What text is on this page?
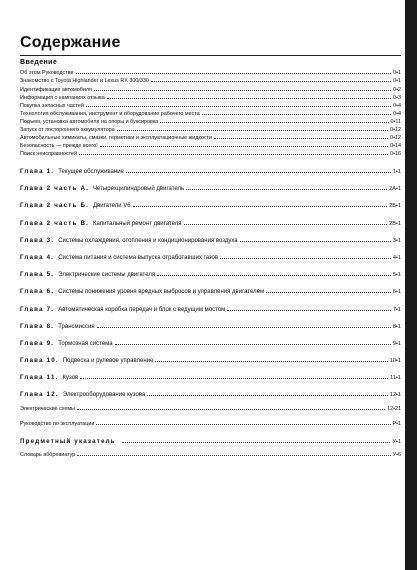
Содержание
Введение
Об этом Руководстве	0•1
Знакомство с Toyota Highlander и Lexus RX 300/330	0•1
Идентификация автомобиля	0•2
Информация о кампаниях отзыва	0•3
Покупка запасных частей	0•4
Технология обслуживания, инструмент и оборудование рабочего места	0•4
Подъем, установка автомобиля на опоры и буксировка	0•11
Запуск от постороннего аккумулятора	0•12
Автомобильные химикаты, смазки, герметики и эксплуатационные жидкости	0•12
Безопасность — прежде всего!	0•14
Поиск неисправностей	0•16
Глава 1. Текущее обслуживание	1•1
Глава 2 часть А. Четырехцилиндровый двигатель	2А•1
Глава 2 часть Б. Двигатели V6	2Б•1
Глава 2 часть В. Капитальный ремонт двигателя	2В•1
Глава 3. Системы охлаждения, отопления и кондиционирования воздуха	3•1
Глава 4. Система питания и система выпуска отработавших газов	4•1
Глава 5. Электрические системы двигателя	5•1
Глава 6. Системы понижения уровня вредных выбросов и управления двигателем	6•1
Глава 7. Автоматическая коробка передач и блок с ведущим мостом	7•1
Глава 8. Трансмиссия	8•1
Глава 9. Тормозная система	9•1
Глава 10. Подвеска и рулевое управление	10•1
Глава 11. Кузов	11•1
Глава 12. Электрооборудование кузова	12•1
Электрические схемы	12•21
Руководство по эксплуатации	Р•1
Предметный указатель	У•1
Словарь аббревиатур	У•6
